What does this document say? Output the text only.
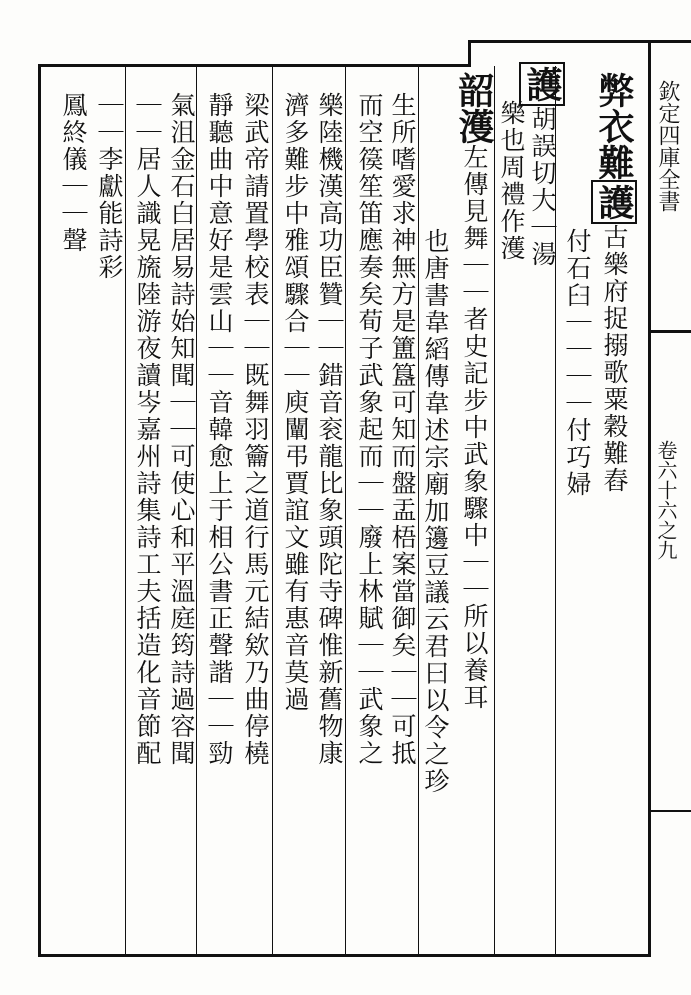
欽定四庫全書
卷六十六之九
弊衣難護古樂府捉搦歌粟穀難舂
付石臼｜｜｜｜付巧婦
護胡誤切大｜湯
樂也周禮作濩
韶濩左傳見舞｜｜者史記步中武象驟中｜｜所以養耳
也唐書韋縚傳韋述宗廟加籩豆議云君曰以令之珍
生所嗜愛求神無方是簠簋可知而盤盂梧案當御矣｜｜可抵
而空篌笙笛應奏矣荀子武象起而｜｜廢上林賦｜｜武象之
樂陸機漢高功臣贊｜｜錯音衮龍比象頭陀寺碑惟新舊物康
濟多難步中雅頌驟合｜｜庾闡弔賈誼文雖有惠音莫過
梁武帝請置學校表｜｜既舞羽籥之道行馬元結欸乃曲停橈
靜聽曲中意好是雲山｜｜音韓愈上于相公書正聲諧｜｜勁
氣沮金石白居易詩始知聞｜｜可使心和平溫庭筠詩過容聞
｜｜居人識晃旒陸游夜讀岑嘉州詩集詩工夫括造化音節配
｜｜李獻能詩彩
鳳終儀｜｜聲
